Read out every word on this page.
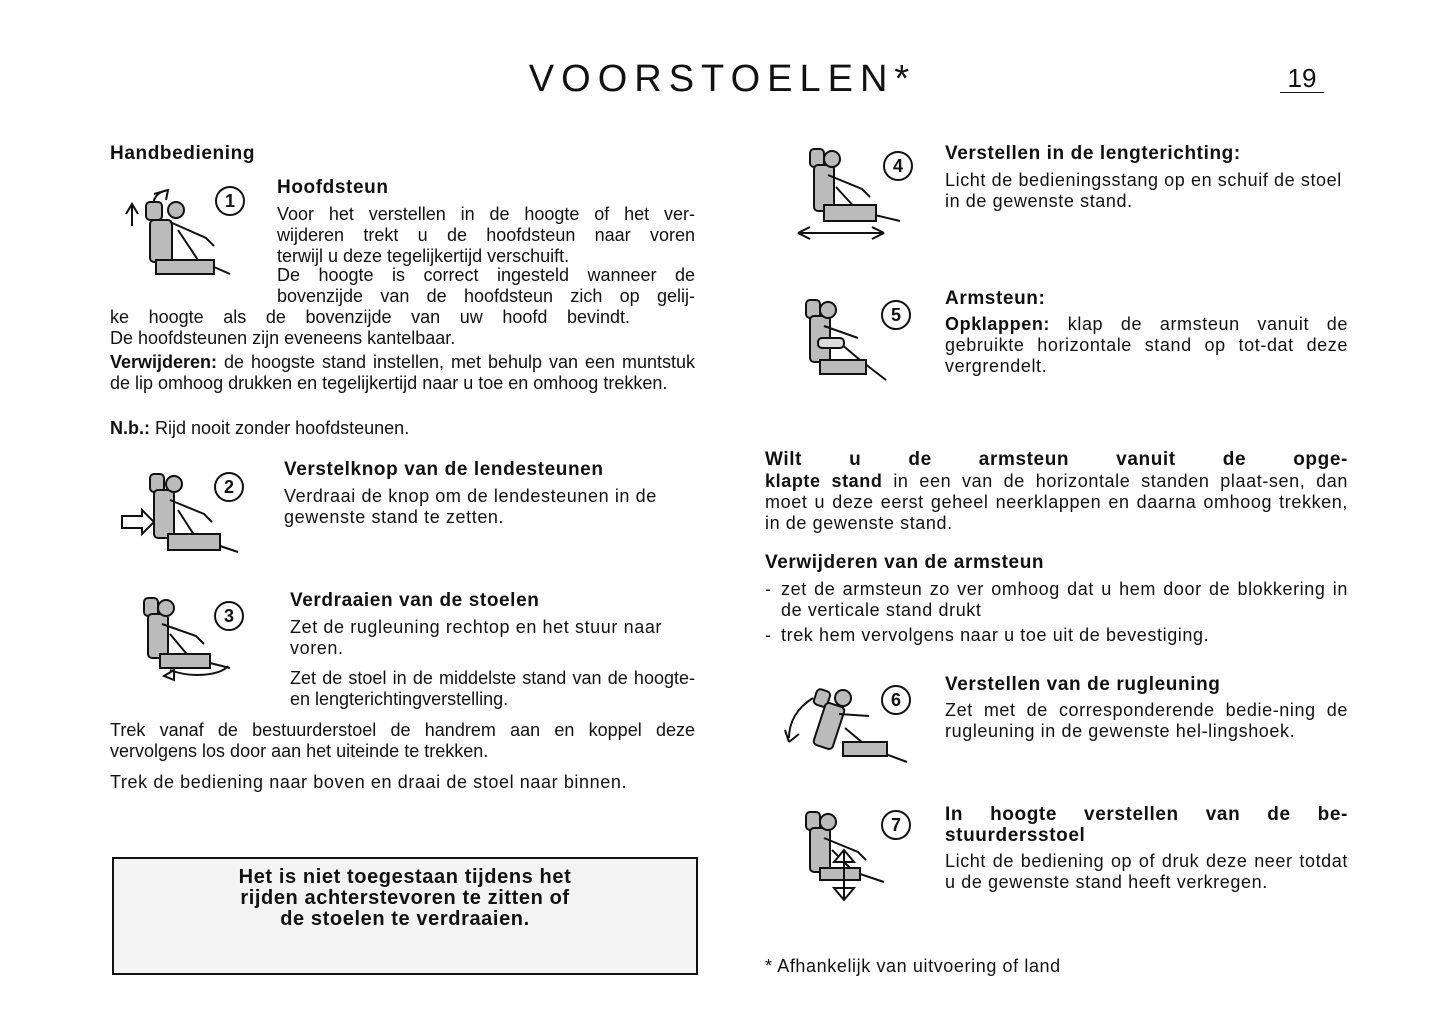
VOORSTOELEN*	19
Handbediening
1
Hoofdsteun
Voor het verstellen in de hoogte of het ver-
wijderen trekt u de hoofdsteun naar voren
terwijl u deze tegelijkertijd verschuift.
De hoogte is correct ingesteld wanneer de
bovenzijde van de hoofdsteun zich op gelij-
ke hoogte als de bovenzijde van uw hoofd bevindt.
De hoofdsteunen zijn eveneens kantelbaar.
Verwijderen: de hoogste stand instellen, met behulp van een muntstuk de lip omhoog drukken en tegelijkertijd naar u toe en omhoog trekken.
N.b.: Rijd nooit zonder hoofdsteunen.
2
Verstelknop van de lendesteunen
Verdraai de knop om de lendesteunen in de gewenste stand te zetten.
3
Verdraaien van de stoelen
Zet de rugleuning rechtop en het stuur naar voren.
Zet de stoel in de middelste stand van de hoogte- en lengterichtingverstelling.
Trek vanaf de bestuurderstoel de handrem aan en koppel deze vervolgens los door aan het uiteinde te trekken.
Trek de bediening naar boven en draai de stoel naar binnen.
Het is niet toegestaan tijdens het rijden achterstevoren te zitten of de stoelen te verdraaien.
4
Verstellen in de lengterichting:
Licht de bedieningsstang op en schuif de stoel in de gewenste stand.
5
Armsteun:
Opklappen: klap de armsteun vanuit de gebruikte horizontale stand op tot-dat deze vergrendelt.
Wilt u de armsteun vanuit de opge-
klapte stand in een van de horizontale standen plaat-sen, dan moet u deze eerst geheel neerklappen en daarna omhoog trekken, in de gewenste stand.
Verwijderen van de armsteun
- zet de armsteun zo ver omhoog dat u hem door de blokkering in de verticale stand drukt
- trek hem vervolgens naar u toe uit de bevestiging.
6
Verstellen van de rugleuning
Zet met de corresponderende bedie-ning de rugleuning in de gewenste hel-lingshoek.
7	In hoogte verstellen van de be-stuurdersstoel
Licht de bediening op of druk deze neer totdat u de gewenste stand heeft verkregen.
* Afhankelijk van uitvoering of land
